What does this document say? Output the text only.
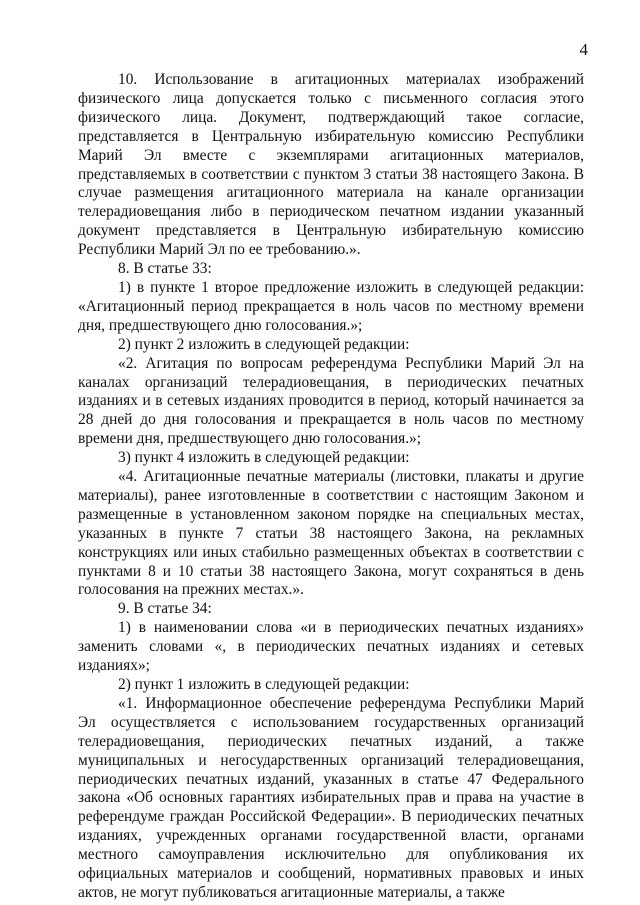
4

10. Использование в агитационных материалах изображений физического лица допускается только с письменного согласия этого физического лица. Документ, подтверждающий такое согласие, представляется в Центральную избирательную комиссию Республики Марий Эл вместе с экземплярами агитационных материалов, представляемых в соответствии с пунктом 3 статьи 38 настоящего Закона. В случае размещения агитационного материала на канале организации телерадиовещания либо в периодическом печатном издании указанный документ представляется в Центральную избирательную комиссию Республики Марий Эл по ее требованию.».

8. В статье 33:

1) в пункте 1 второе предложение изложить в следующей редакции: «Агитационный период прекращается в ноль часов по местному времени дня, предшествующего дню голосования.»;

2) пункт 2 изложить в следующей редакции:

«2. Агитация по вопросам референдума Республики Марий Эл на каналах организаций телерадиовещания, в периодических печатных изданиях и в сетевых изданиях проводится в период, который начинается за 28 дней до дня голосования и прекращается в ноль часов по местному времени дня, предшествующего дню голосования.»;

3) пункт 4 изложить в следующей редакции:

«4. Агитационные печатные материалы (листовки, плакаты и другие материалы), ранее изготовленные в соответствии с настоящим Законом и размещенные в установленном законом порядке на специальных местах, указанных в пункте 7 статьи 38 настоящего Закона, на рекламных конструкциях или иных стабильно размещенных объектах в соответствии с пунктами 8 и 10 статьи 38 настоящего Закона, могут сохраняться в день голосования на прежних местах.».

9. В статье 34:

1) в наименовании слова «и в периодических печатных изданиях» заменить словами «, в периодических печатных изданиях и сетевых изданиях»;

2) пункт 1 изложить в следующей редакции:

«1. Информационное обеспечение референдума Республики Марий Эл осуществляется с использованием государственных организаций телерадиовещания, периодических печатных изданий, а также муниципальных и негосударственных организаций телерадиовещания, периодических печатных изданий, указанных в статье 47 Федерального закона «Об основных гарантиях избирательных прав и права на участие в референдуме граждан Российской Федерации». В периодических печатных изданиях, учрежденных органами государственной власти, органами местного самоуправления исключительно для опубликования их официальных материалов и сообщений, нормативных правовых и иных актов, не могут публиковаться агитационные материалы, а также
